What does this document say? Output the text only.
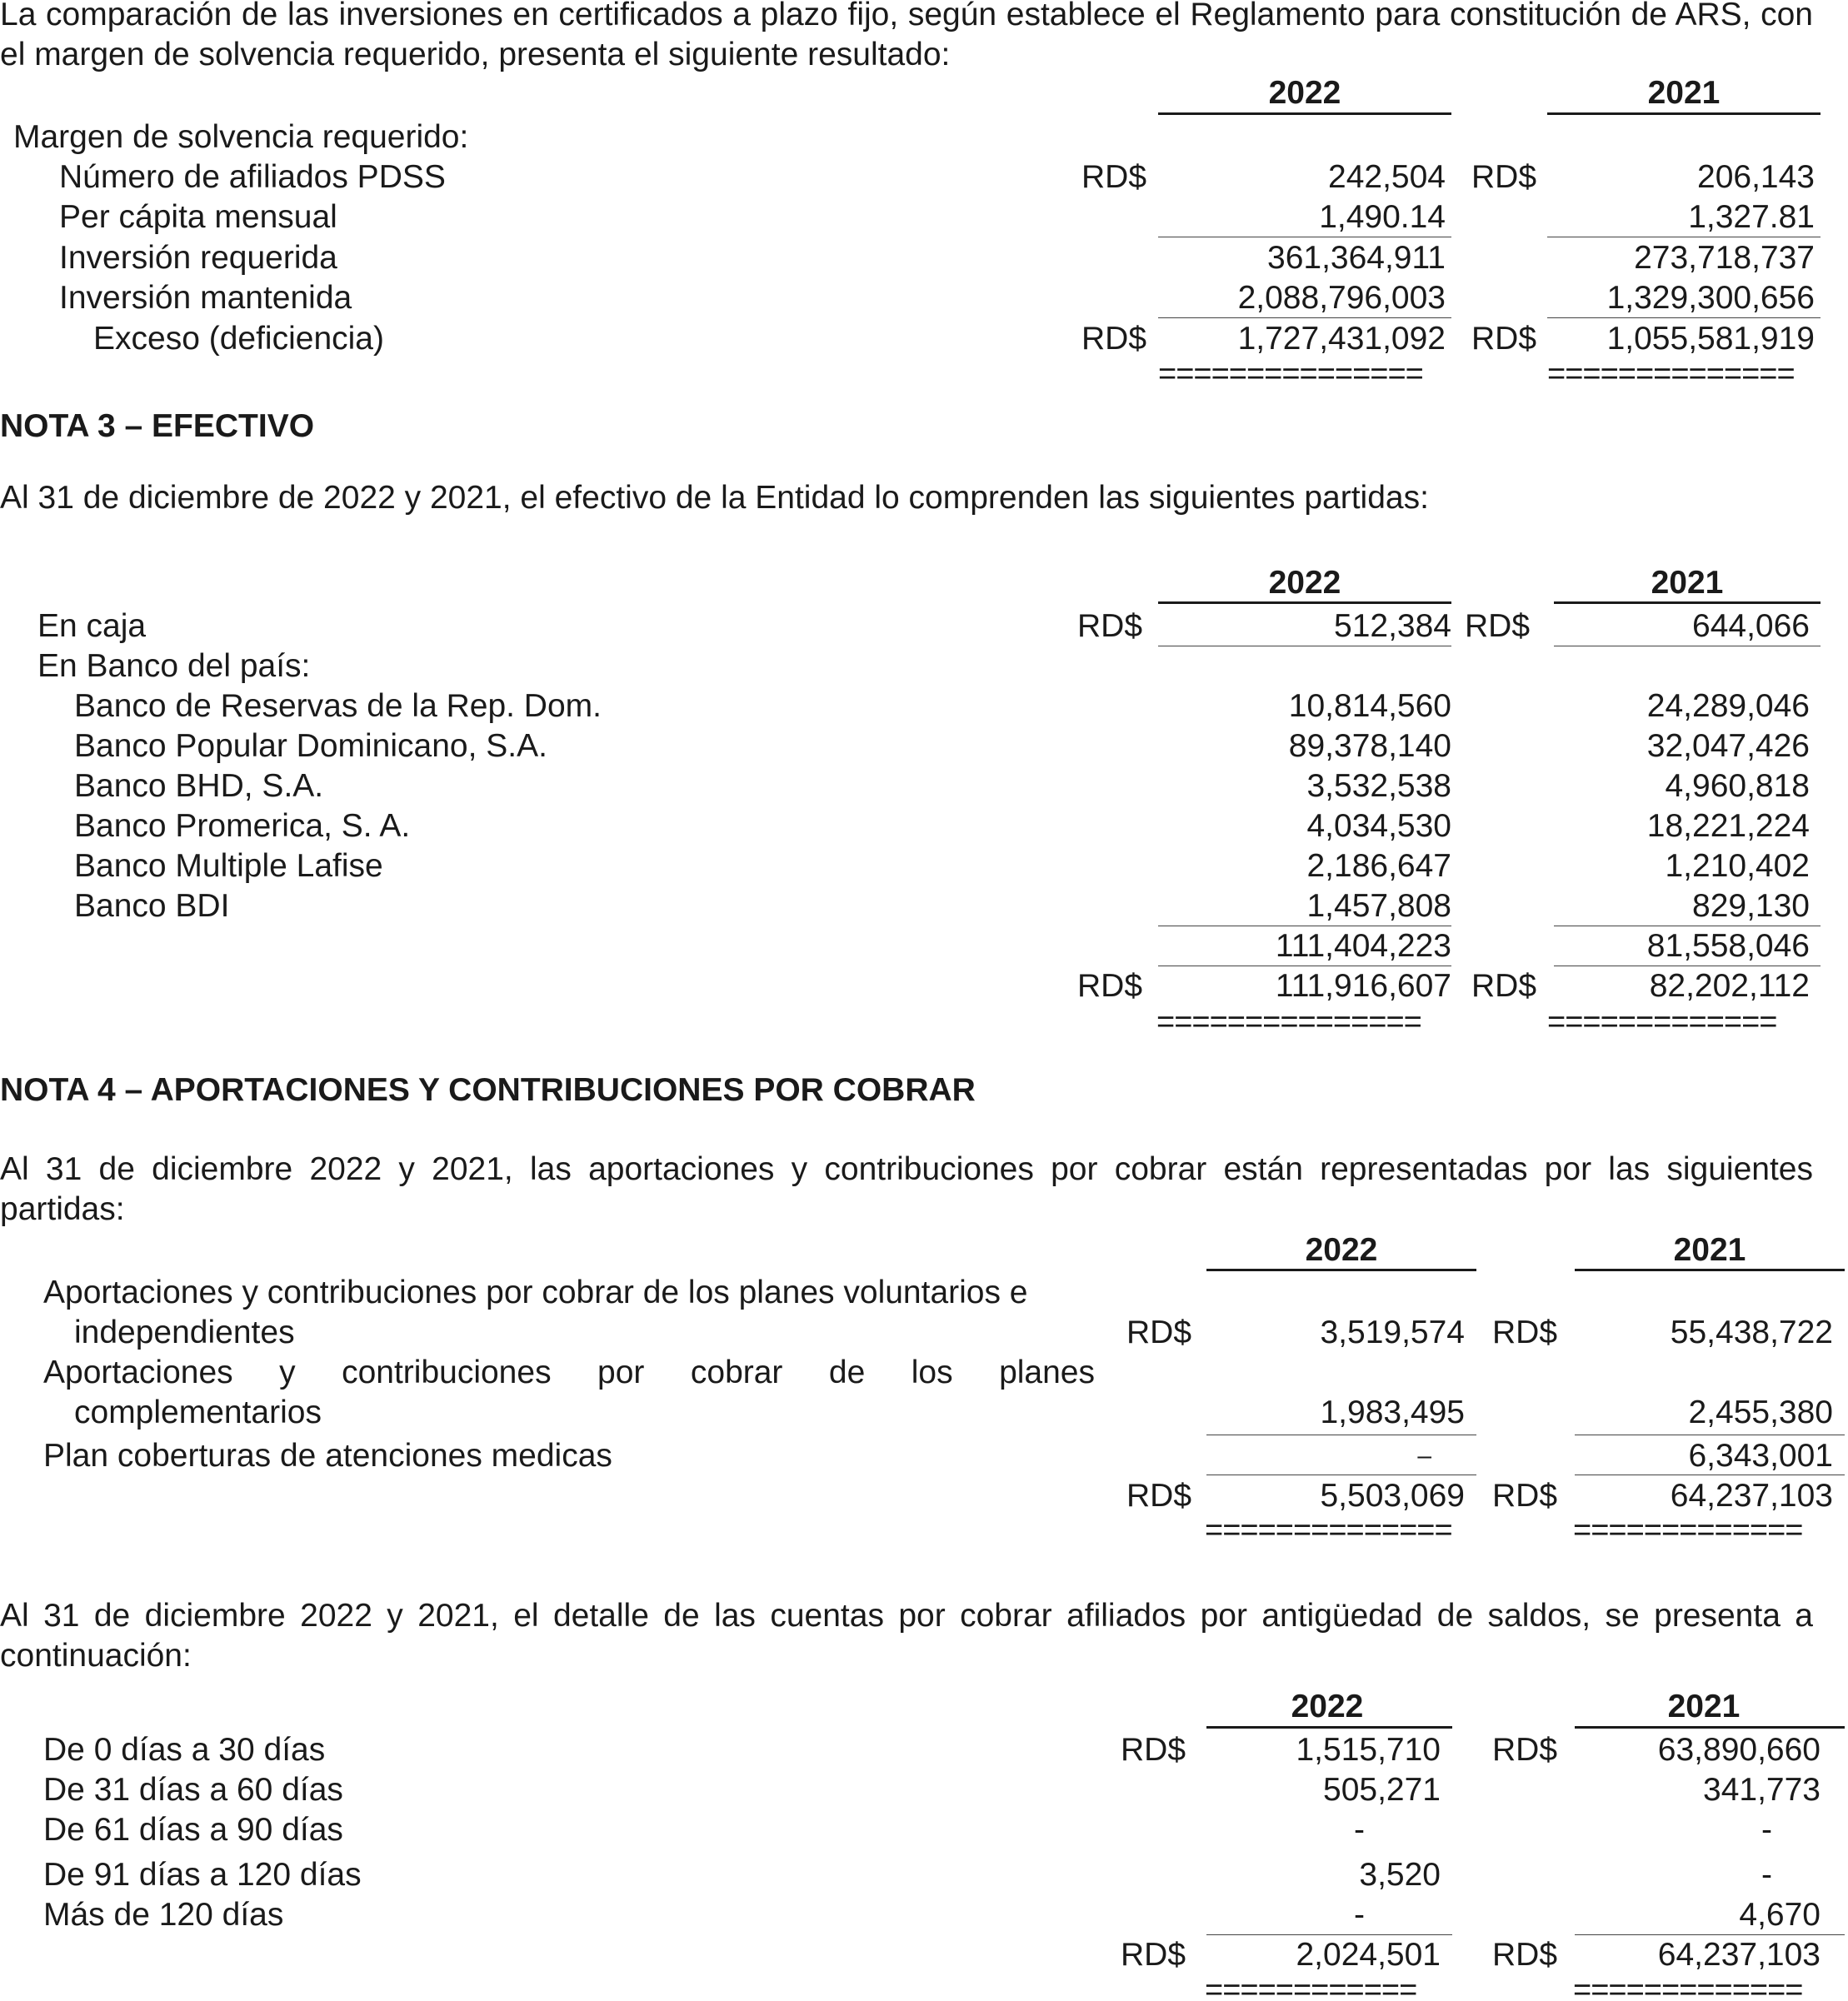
La comparación de las inversiones en certificados a plazo fijo, según establece el Reglamento para constitución de ARS, con el margen de solvencia requerido, presenta el siguiente resultado:
2022	2021
Margen de solvencia requerido:
Número de afiliados PDSS	RD$	242,504 RD$	206,143
Per cápita mensual	1,490.14	1,327.81
Inversión requerida	361,364,911	273,718,737
Inversión mantenida	2,088,796,003	1,329,300,656
Exceso (deficiencia)	RD$	1,727,431,092 RD$	1,055,581,919
===============	==============
NOTA 3 – EFECTIVO
Al 31 de diciembre de 2022 y 2021, el efectivo de la Entidad lo comprenden las siguientes partidas:
2022	2021
En caja	RD$	512,384 RD$	644,066
En Banco del país:
Banco de Reservas de la Rep. Dom.	10,814,560	24,289,046
Banco Popular Dominicano, S.A.	89,378,140	32,047,426
Banco BHD, S.A.	3,532,538	4,960,818
Banco Promerica, S. A.	4,034,530	18,221,224
Banco Multiple Lafise	2,186,647	1,210,402
Banco BDI	1,457,808	829,130
111,404,223	81,558,046
RD$	111,916,607 RD$	82,202,112
===============	=============
NOTA 4 – APORTACIONES Y CONTRIBUCIONES POR COBRAR
Al 31 de diciembre 2022 y 2021, las aportaciones y contribuciones por cobrar están representadas por las siguientes partidas:
2022	2021
Aportaciones y contribuciones por cobrar de los planes voluntarios e
independientes	RD$	3,519,574 RD$	55,438,722
Aportaciones y contribuciones por cobrar de los planes
complementarios	1,983,495	2,455,380
Plan coberturas de atenciones medicas	–	6,343,001
RD$	5,503,069 RD$	64,237,103
==============	=============
Al 31 de diciembre 2022 y 2021, el detalle de las cuentas por cobrar afiliados por antigüedad de saldos, se presenta a continuación:
2022	2021
De 0 días a 30 días	RD$	1,515,710 RD$	63,890,660
De 31 días a 60 días	505,271	341,773
De 61 días a 90 días	-	-
De 91 días a 120 días	3,520	-
Más de 120 días	-	4,670
RD$	2,024,501 RD$	64,237,103
============	=============
